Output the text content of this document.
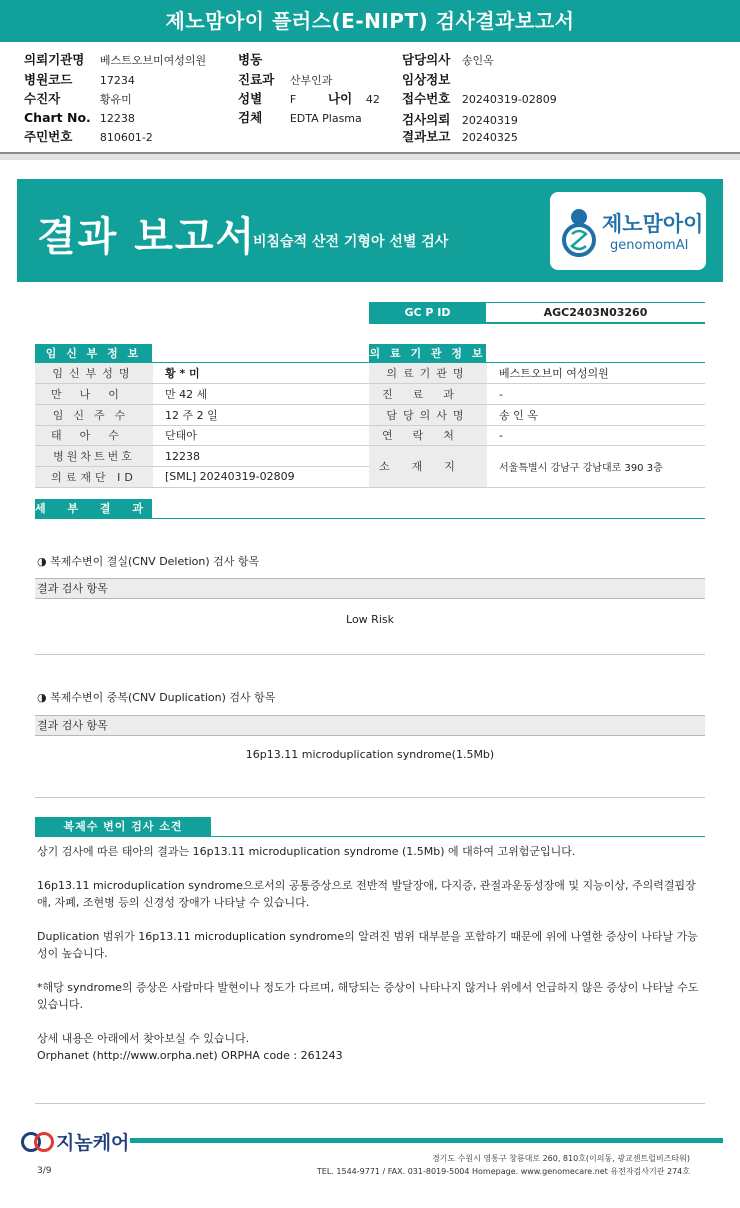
제노맘아이 플러스(E-NIPT) 검사결과보고서
의뢰기관명 베스트오브미여성의원
병원코드	17234
수진자	황유미
Chart No. 12238
주민번호	810601-2
병동
진료과 산부인과
성별	F	나이 42
검체	EDTA Plasma
담당의사 송인옥
임상정보
접수번호 20240319-02809
검사의뢰 20240319
결과보고 20240325
결과 보고서
비침습적 산전 기형아 선별 검사
제노맘아이
genomomAI
GC P ID	AGC2403N03260
임 신 부 정 보
임신부성명	황 * 미
만나이	만 42 세
임신주수	12 주 2 일
태아수	단태아
병원차트번호	12238
의료재단 ID	[SML] 20240319-02809
의 료 기 관 정 보
의료기관명	베스트오브미 여성의원
진료과	-
담당의사명	송 인 옥
연락처	-
소재지	서울특별시 강남구 강남대로 390 3층
세 부 결 과
◑ 복제수변이 결실(CNV Deletion) 검사 항목
결과 검사 항목
Low Risk
◑ 복제수변이 중복(CNV Duplication) 검사 항목
결과 검사 항목
16p13.11 microduplication syndrome(1.5Mb)
복제수 변이 검사 소견
상기 검사에 따른 태아의 결과는 16p13.11 microduplication syndrome (1.5Mb) 에 대하여 고위험군입니다.
16p13.11 microduplication syndrome으로서의 공통증상으로 전반적 발달장애, 다지증, 관절과운동성장애 및 지능이상, 주의력결핍장애, 자폐, 조현병 등의 신경성 장애가 나타날 수 있습니다.
Duplication 범위가 16p13.11 microduplication syndrome의 알려진 범위 대부분을 포함하기 때문에 위에 나열한 증상이 나타날 가능성이 높습니다.
*해당 syndrome의 증상은 사람마다 발현이나 정도가 다르며, 해당되는 증상이 나타나지 않거나 위에서 언급하지 않은 증상이 나타날 수도 있습니다.
상세 내용은 아래에서 찾아보실 수 있습니다.
Orphanet (http://www.orpha.net) ORPHA code : 261243
지놈케어
경기도 수원시 영통구 창룡대로 260, 810호(이의동, 광교센트럴비즈타워)
TEL. 1544-9771 / FAX. 031-8019-5004 Homepage. www.genomecare.net 유전자검사기관 274호
3/9
